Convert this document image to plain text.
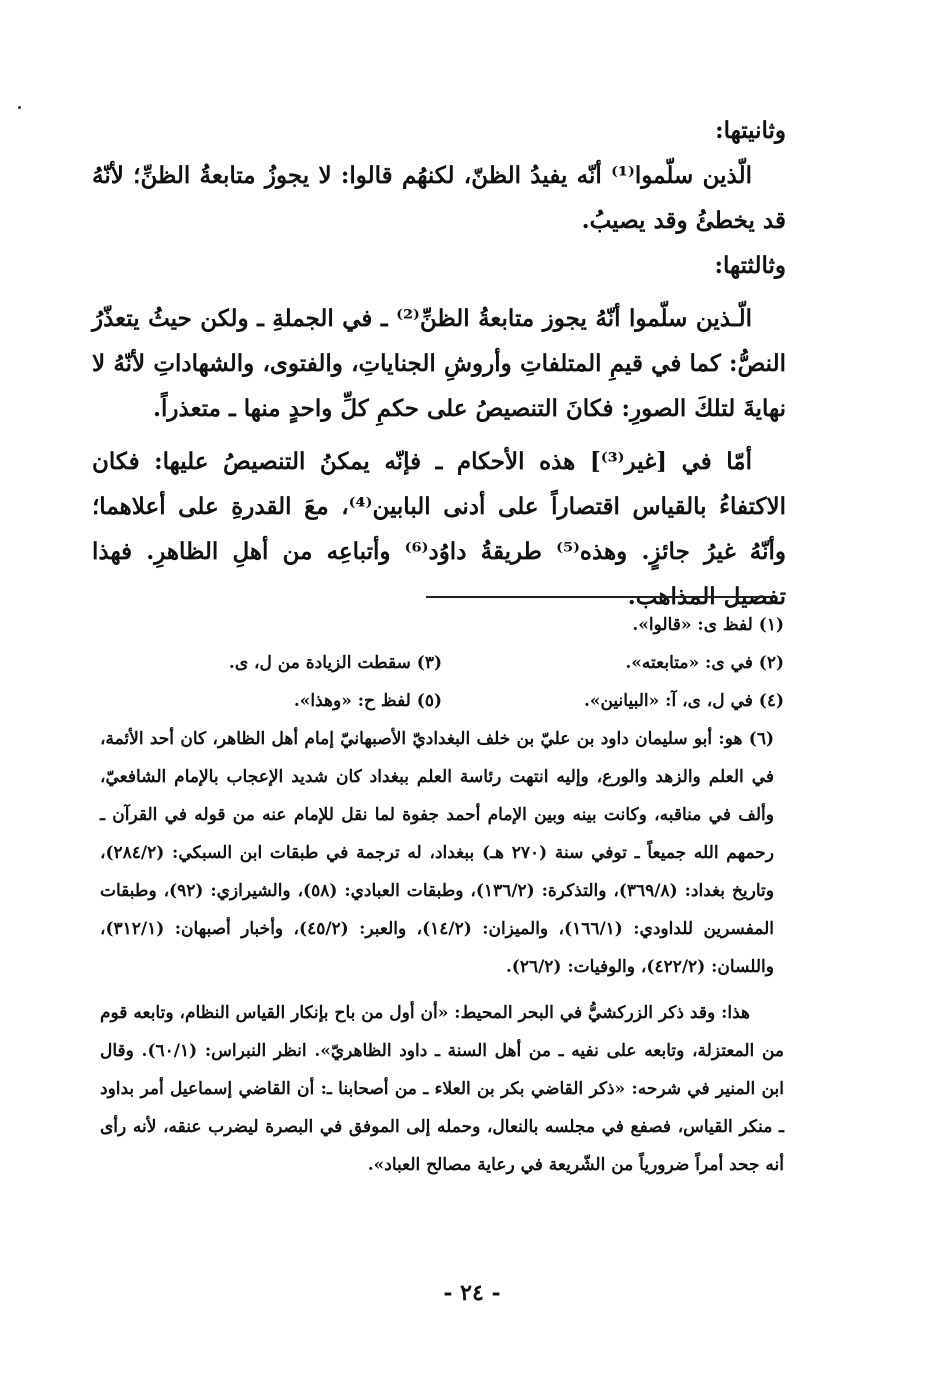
وثانيتها:

الّذين سلّموا⁽¹⁾ أنّه يفيدُ الظنّ، لكنهُم قالوا: لا يجوزُ متابعةُ الظنِّ؛ لأنّهُ قد يخطئُ وقد يصيبُ.

وثالثتها:

الّـذين سلّموا أنّهُ يجوز متابعةُ الظنِّ⁽²⁾ ـ في الجملةِ ـ ولكن حيثُ يتعذّرُ النصُّ: كما في قيمِ المتلفاتِ وأروشِ الجناياتِ، والفتوى، والشهاداتِ لأنّهُ لا نهايةَ لتلكَ الصورِ: فكانَ التنصيصُ على حكمِ كلِّ واحدٍ منها ـ متعذراً.

أمّا في [غير⁽³⁾] هذه الأحكام ـ فإنّه يمكنُ التنصيصُ عليها: فكان الاكتفاءُ بالقياس اقتصاراً على أدنى البابين⁽⁴⁾، معَ القدرةِ على أعلاهما؛ وأنّهُ غيرُ جائزٍ. وهذه⁽⁵⁾ طريقةُ داوُد⁽⁶⁾ وأتباعِه من أهلِ الظاهرِ. فهذا تفصيل المذاهب.

(١) لفظ ى: «قالوا».
(٢) في ى: «متابعته».
(٣) سقطت الزيادة من ل، ى.
(٤) في ل، ى، آ: «البيانين».
(٥) لفظ ح: «وهذا».

(٦) هو: أبو سليمان داود بن عليّ بن خلف البغداديّ الأصبهانيّ إمام أهل الظاهر، كان أحد الأئمة، في العلم والزهد والورع، وإليه انتهت رئاسة العلم ببغداد كان شديد الإعجاب بالإمام الشافعيّ، وألف في مناقبه، وكانت بينه وبين الإمام أحمد جفوة لما نقل للإمام عنه من قوله في القرآن ـ رحمهم الله جميعاً ـ توفي سنة (٢٧٠ هـ) ببغداد، له ترجمة في طبقات ابن السبكي: (٢٨٤/٢)، وتاريخ بغداد: (٣٦٩/٨)، والتذكرة: (١٣٦/٢)، وطبقات العبادي: (٥٨)، والشيرازي: (٩٢)، وطبقات المفسرين للداودي: (١٦٦/١)، والميزان: (١٤/٢)، والعبر: (٤٥/٢)، وأخبار أصبهان: (٣١٢/١)، واللسان: (٤٢٢/٢)، والوفيات: (٢٦/٢).

هذا: وقد ذكر الزركشيُّ في البحر المحيط: «أن أول من باح بإنكار القياس النظام، وتابعه قوم من المعتزلة، وتابعه على نفيه ـ من أهل السنة ـ داود الظاهريّ». انظر النبراس: (٦٠/١). وقال ابن المنير في شرحه: «ذكر القاضي بكر بن العلاء ـ من أصحابنا ـ: أن القاضي إسماعيل أمر بداود ـ منكر القياس، فصفع في مجلسه بالنعال، وحمله إلى الموفق في البصرة ليضرب عنقه، لأنه رأى أنه جحد أمراً ضرورياً من الشّريعة في رعاية مصالح العباد».

- ٢٤ -
